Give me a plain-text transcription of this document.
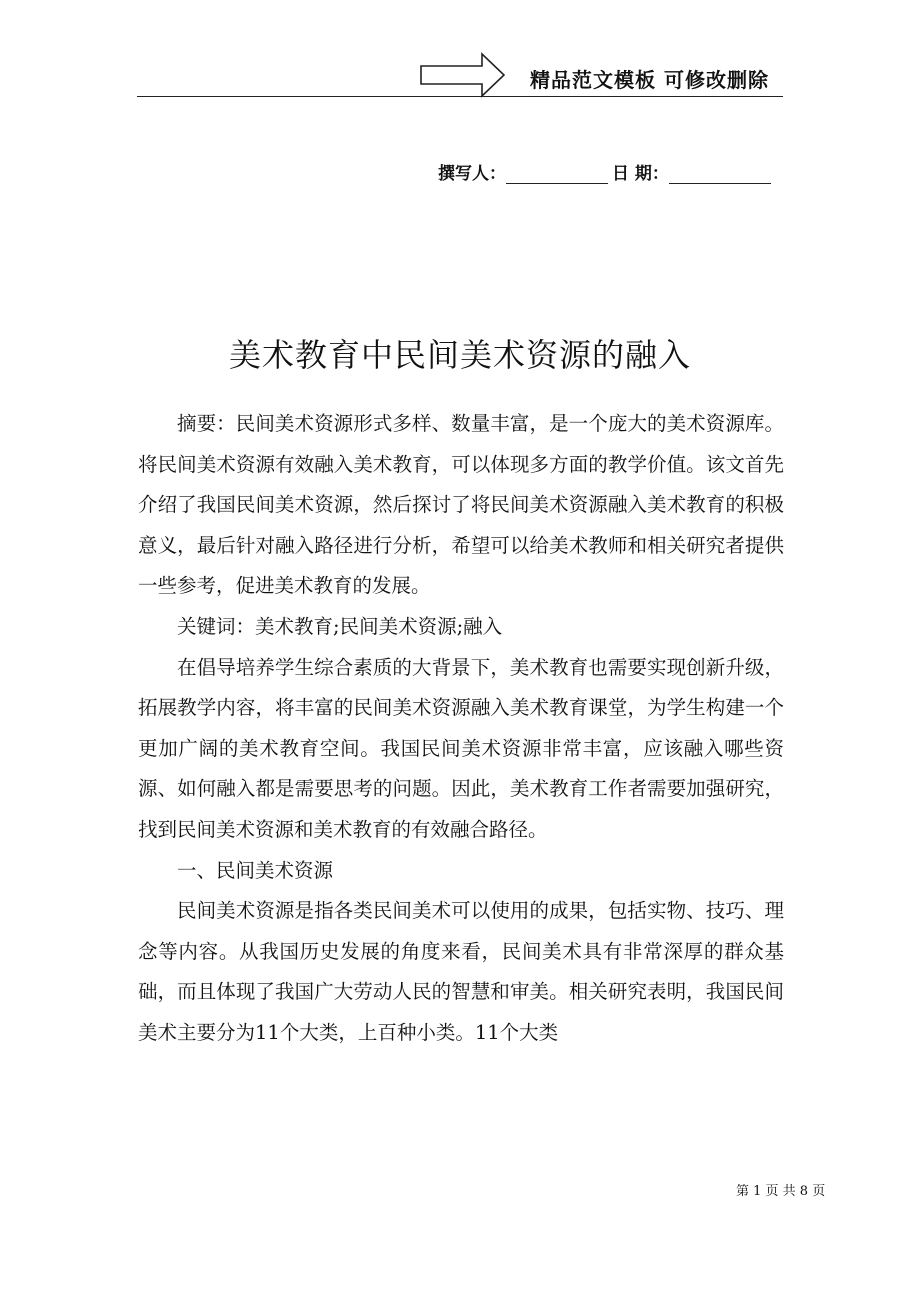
精品范文模板 可修改删除
撰写人：	日 期：
美术教育中民间美术资源的融入

摘要：民间美术资源形式多样、数量丰富，是一个庞大的美术资源库。将民间美术资源有效融入美术教育，可以体现多方面的教学价值。该文首先介绍了我国民间美术资源，然后探讨了将民间美术资源融入美术教育的积极意义，最后针对融入路径进行分析，希望可以给美术教师和相关研究者提供一些参考，促进美术教育的发展。

关键词：美术教育;民间美术资源;融入

在倡导培养学生综合素质的大背景下，美术教育也需要实现创新升级，拓展教学内容，将丰富的民间美术资源融入美术教育课堂，为学生构建一个更加广阔的美术教育空间。我国民间美术资源非常丰富，应该融入哪些资源、如何融入都是需要思考的问题。因此，美术教育工作者需要加强研究，找到民间美术资源和美术教育的有效融合路径。

一、民间美术资源

民间美术资源是指各类民间美术可以使用的成果，包括实物、技巧、理念等内容。从我国历史发展的角度来看，民间美术具有非常深厚的群众基础，而且体现了我国广大劳动人民的智慧和审美。相关研究表明，我国民间美术主要分为11个大类，上百种小类。11个大类

第 1 页 共 8 页
